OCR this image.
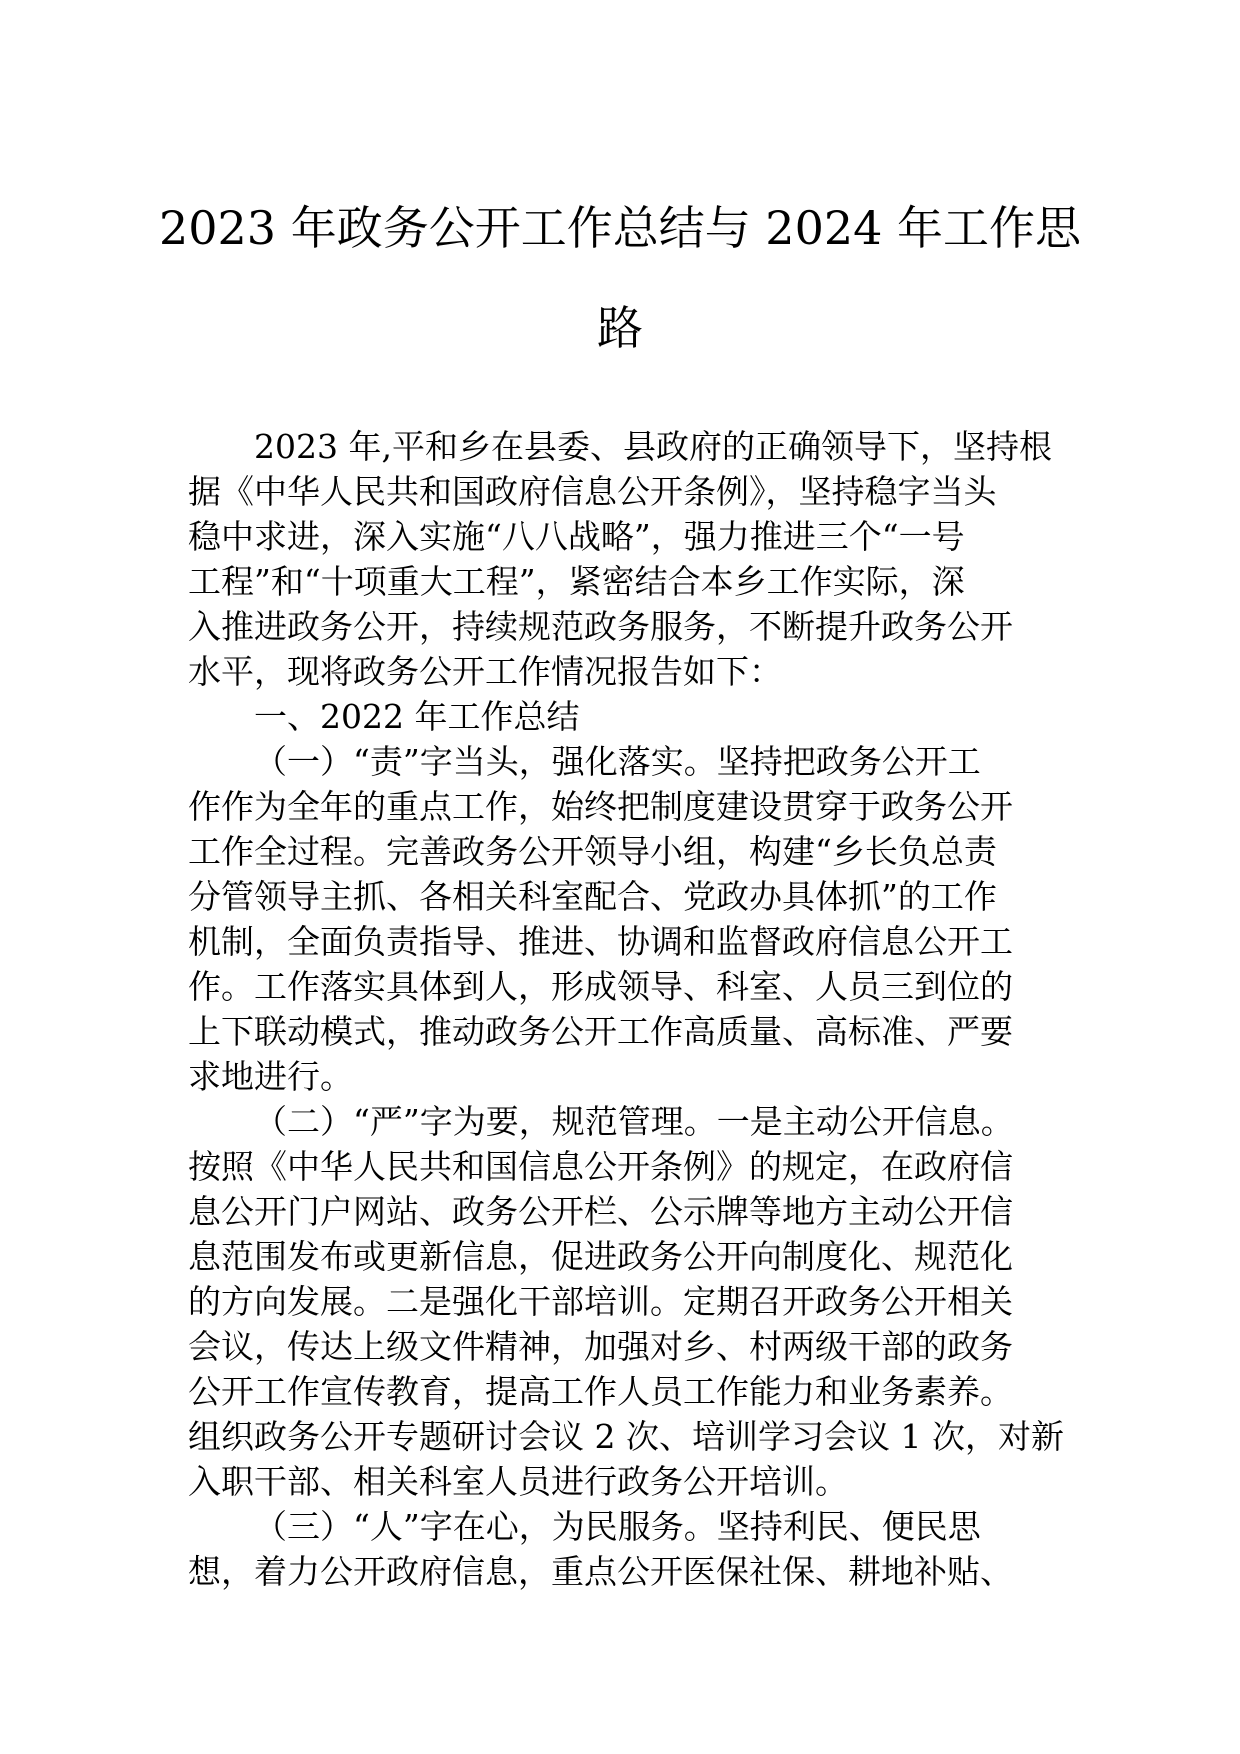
2023 年政务公开工作总结与 2024 年工作思
路
2023 年,平和乡在县委、县政府的正确领导下，坚持根
据《中华人民共和国政府信息公开条例》，坚持稳字当头
稳中求进，深入实施“八八战略”，强力推进三个“一号
工程”和“十项重大工程”，紧密结合本乡工作实际，深
入推进政务公开，持续规范政务服务，不断提升政务公开
水平，现将政务公开工作情况报告如下：
一、2022 年工作总结
（一）“责”字当头，强化落实。坚持把政务公开工
作作为全年的重点工作，始终把制度建设贯穿于政务公开
工作全过程。完善政务公开领导小组，构建“乡长负总责
分管领导主抓、各相关科室配合、党政办具体抓”的工作
机制，全面负责指导、推进、协调和监督政府信息公开工
作。工作落实具体到人，形成领导、科室、人员三到位的
上下联动模式，推动政务公开工作高质量、高标准、严要
求地进行。
（二）“严”字为要，规范管理。一是主动公开信息。
按照《中华人民共和国信息公开条例》的规定，在政府信
息公开门户网站、政务公开栏、公示牌等地方主动公开信
息范围发布或更新信息，促进政务公开向制度化、规范化
的方向发展。二是强化干部培训。定期召开政务公开相关
会议，传达上级文件精神，加强对乡、村两级干部的政务
公开工作宣传教育，提高工作人员工作能力和业务素养。
组织政务公开专题研讨会议 2 次、培训学习会议 1 次，对新
入职干部、相关科室人员进行政务公开培训。
（三）“人”字在心，为民服务。坚持利民、便民思
想，着力公开政府信息，重点公开医保社保、耕地补贴、
